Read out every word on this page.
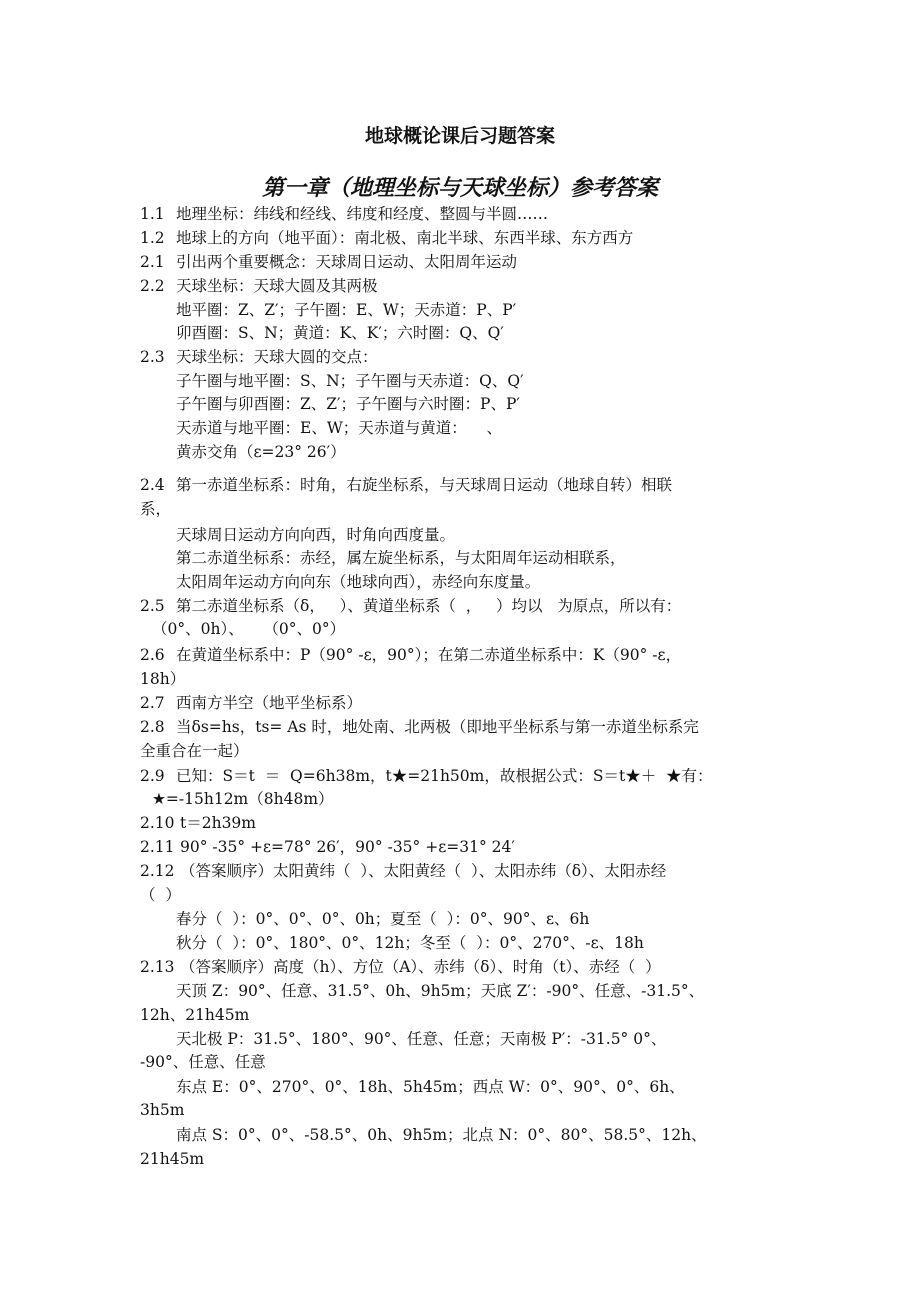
地球概论课后习题答案
第一章（地理坐标与天球坐标）参考答案
1.1 地理坐标：纬线和经线、纬度和经度、整圆与半圆……
1.2 地球上的方向（地平面）：南北极、南北半球、东西半球、东方西方
2.1 引出两个重要概念：天球周日运动、太阳周年运动
2.2 天球坐标：天球大圆及其两极
地平圈：Z、Z′；子午圈：E、W；天赤道：P、P′
卯酉圈：S、N；黄道：K、K′；六时圈：Q、Q′
2.3 天球坐标：天球大圆的交点：
子午圈与地平圈：S、N；子午圈与天赤道：Q、Q′
子午圈与卯酉圈：Z、Z′；子午圈与六时圈：P、P′
天赤道与地平圈：E、W；天赤道与黄道：    、
黄赤交角（ε=23° 26′）
2.4 第一赤道坐标系：时角，右旋坐标系，与天球周日运动（地球自转）相联
系，
天球周日运动方向向西，时角向西度量。
第二赤道坐标系：赤经，属左旋坐标系，与太阳周年运动相联系，
太阳周年运动方向向东（地球向西），赤经向东度量。
2.5 第二赤道坐标系（δ，   ）、黄道坐标系（  ，   ）均以   为原点，所以有：
（0°、0h）、    （0°、0°）
2.6 在黄道坐标系中：P（90° -ε，90°）；在第二赤道坐标系中：K（90° -ε，
18h）
2.7 西南方半空（地平坐标系）
2.8 当δs=hs，ts= As 时，地处南、北两极（即地平坐标系与第一赤道坐标系完
全重合在一起）
2.9 已知：S＝t  ＝  Q=6h38m，t★=21h50m，故根据公式：S＝t★＋  ★有：
★=-15h12m（8h48m）
2.10 t＝2h39m
2.11 90° -35° +ε=78° 26′，90° -35° +ε=31° 24′
2.12 （答案顺序）太阳黄纬（  ）、太阳黄经（  ）、太阳赤纬（δ）、太阳赤经
（  ）
春分（  ）：0°、0°、0°、0h；夏至（  ）：0°、90°、ε、6h
秋分（  ）：0°、180°、0°、12h；冬至（  ）：0°、270°、-ε、18h
2.13 （答案顺序）高度（h）、方位（A）、赤纬（δ）、时角（t）、赤经（  ）
天顶 Z：90°、任意、31.5°、0h、9h5m；天底 Z′：-90°、任意、-31.5°、
12h、21h45m
天北极 P：31.5°、180°、90°、任意、任意；天南极 P′：-31.5° 0°、
-90°、任意、任意
东点 E：0°、270°、0°、18h、5h45m；西点 W：0°、90°、0°、6h、
3h5m
南点 S：0°、0°、-58.5°、0h、9h5m；北点 N：0°、80°、58.5°、12h、
21h45m
